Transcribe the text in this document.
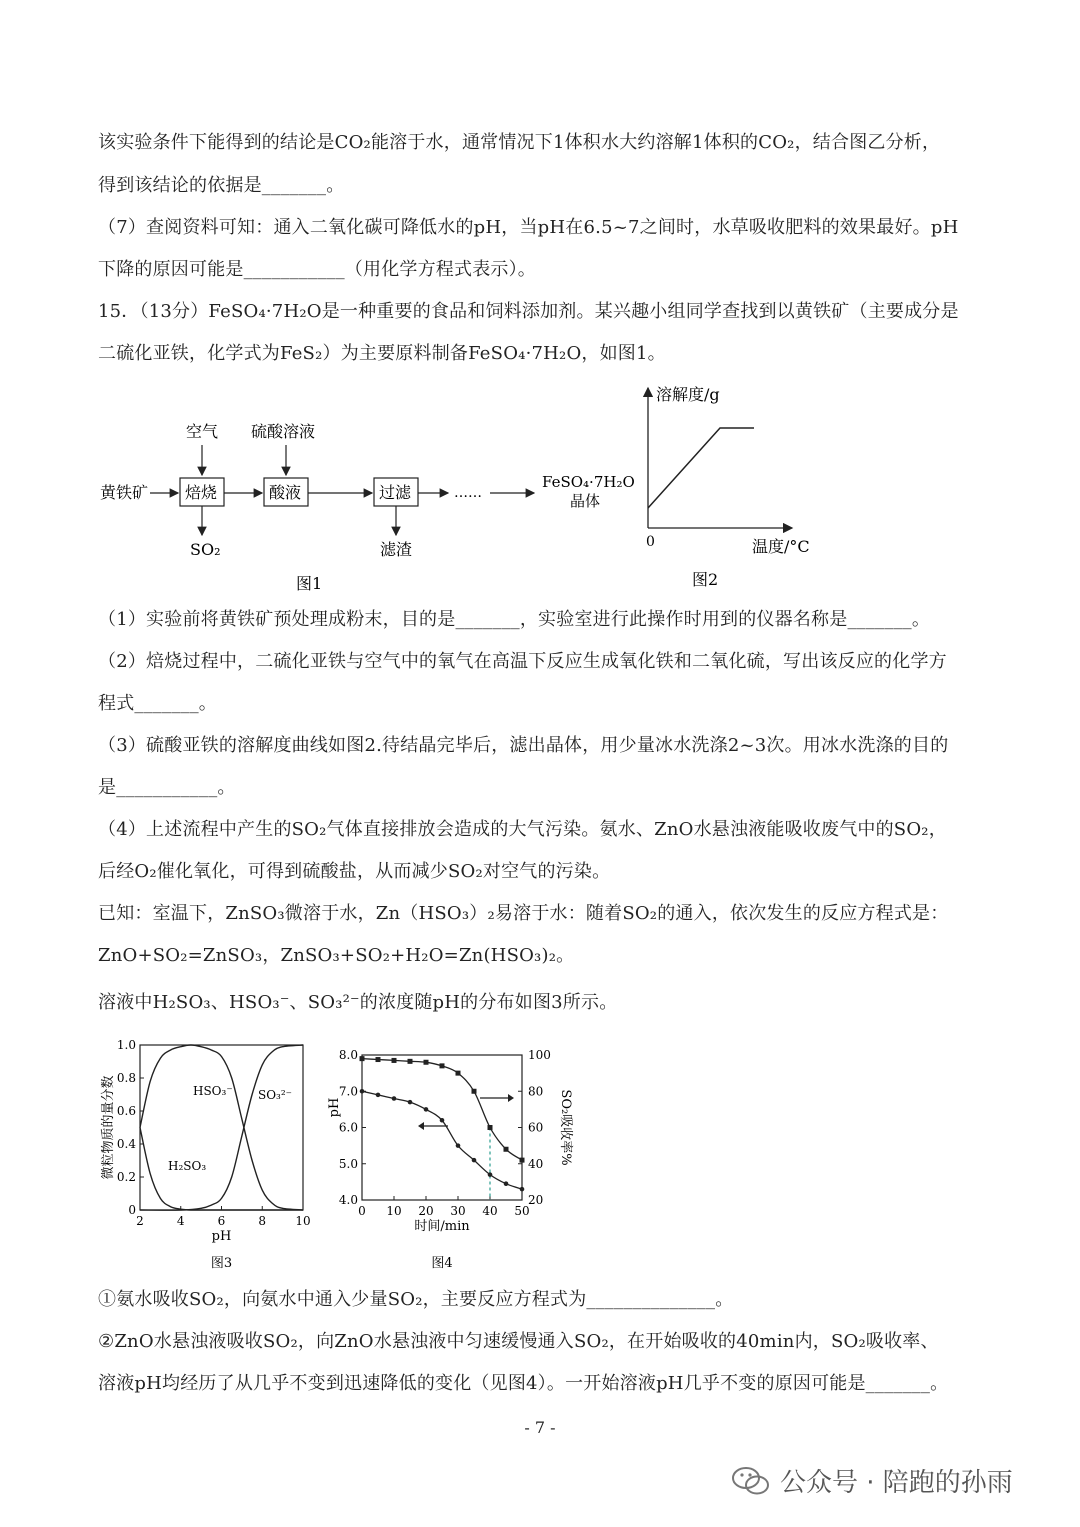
该实验条件下能得到的结论是CO₂能溶于水，通常情况下1体积水大约溶解1体积的CO₂，结合图乙分析，
得到该结论的依据是_______。
（7）查阅资料可知：通入二氧化碳可降低水的pH，当pH在6.5~7之间时，水草吸收肥料的效果最好。pH
下降的原因可能是___________（用化学方程式表示）。
15．（13分）FeSO₄·7H₂O是一种重要的食品和饲料添加剂。某兴趣小组同学查找到以黄铁矿（主要成分是
二硫化亚铁，化学式为FeS₂）为主要原料制备FeSO₄·7H₂O，如图1。
空气 硫酸溶液
黄铁矿 焙烧	酸液	过滤	……
FeSO₄·7H₂O
晶体
SO₂	滤渣
图1
溶解度/g
温度/°C
0
图2
（1）实验前将黄铁矿预处理成粉末，目的是_______，实验室进行此操作时用到的仪器名称是_______。
（2）焙烧过程中，二硫化亚铁与空气中的氧气在高温下反应生成氧化铁和二氧化硫，写出该反应的化学方
程式_______。
（3）硫酸亚铁的溶解度曲线如图2.待结晶完毕后，滤出晶体，用少量冰水洗涤2~3次。用冰水洗涤的目的
是___________。
（4）上述流程中产生的SO₂气体直接排放会造成的大气污染。氨水、ZnO水悬浊液能吸收废气中的SO₂，
后经O₂催化氧化，可得到硫酸盐，从而减少SO₂对空气的污染。
已知：室温下，ZnSO₃微溶于水，Zn（HSO₃）₂易溶于水：随着SO₂的通入，依次发生的反应方程式是：
ZnO+SO₂=ZnSO₃，ZnSO₃+SO₂+H₂O=Zn(HSO₃)₂。
溶液中H₂SO₃、HSO₃⁻、SO₃²⁻的浓度随pH的分布如图3所示。
2	4	6	8 10
0
0.2
0.4
0.6
0.8
1.0
pH
微粒物质的量分数	H₂SO₃
HSO₃⁻ SO₃²⁻
图3
0 10 20 30 40 50
4.0
5.0
6.0
7.0
8.0
20
40
60
80
100
时间/min
pH	SO₂吸收率%
图4
①氨水吸收SO₂，向氨水中通入少量SO₂，主要反应方程式为______________。
②ZnO水悬浊液吸收SO₂，向ZnO水悬浊液中匀速缓慢通入SO₂，在开始吸收的40min内，SO₂吸收率、
溶液pH均经历了从几乎不变到迅速降低的变化（见图4）。一开始溶液pH几乎不变的原因可能是_______。
- 7 -
公众号 · 陪跑的孙雨
